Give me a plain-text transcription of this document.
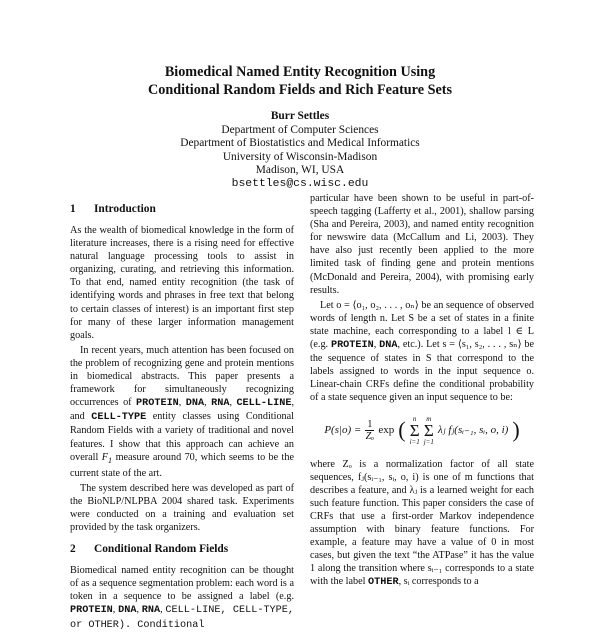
Biomedical Named Entity Recognition Using
Conditional Random Fields and Rich Feature Sets
Burr Settles
Department of Computer Sciences
Department of Biostatistics and Medical Informatics
University of Wisconsin-Madison
Madison, WI, USA
bsettles@cs.wisc.edu
1 Introduction

As the wealth of biomedical knowledge in the form of literature increases, there is a rising need for effective natural language processing tools to assist in organizing, curating, and retrieving this information. To that end, named entity recognition (the task of identifying words and phrases in free text that belong to certain classes of interest) is an important first step for many of these larger information management goals.

In recent years, much attention has been focused on the problem of recognizing gene and protein mentions in biomedical abstracts. This paper presents a framework for simultaneously recognizing occurrences of PROTEIN, DNA, RNA, CELL-LINE, and CELL-TYPE entity classes using Conditional Random Fields with a variety of traditional and novel features. I show that this approach can achieve an overall $F_1$ measure around 70, which seems to be the current state of the art.

The system described here was developed as part of the BioNLP/NLPBA 2004 shared task. Experiments were conducted on a training and evaluation set provided by the task organizers.

2 Conditional Random Fields

Biomedical named entity recognition can be thought of as a sequence segmentation problem: each word is a token in a sequence to be assigned a label (e.g. PROTEIN, DNA, RNA, CELL-LINE, CELL-TYPE, or OTHER). Conditional

particular have been shown to be useful in part-of-speech tagging (Lafferty et al., 2001), shallow parsing (Sha and Pereira, 2003), and named entity recognition for newswire data (McCallum and Li, 2003). They have also just recently been applied to the more limited task of finding gene and protein mentions (McDonald and Pereira, 2004), with promising early results.

Let o = ⟨o₁, o₂, . . . , oₙ⟩ be an sequence of observed words of length n. Let S be a set of states in a finite state machine, each corresponding to a label l ∈ L (e.g. PROTEIN, DNA, etc.). Let s = ⟨s₁, s₂, . . . , sₙ⟩ be the sequence of states in S that correspond to the labels assigned to words in the input sequence o. Linear-chain CRFs define the conditional probability of a state sequence given an input sequence to be:

$P(s|o) = \frac{1}{\text{Zₒ}}$ exp ( n
Σ
i=1
m
Σ
j=1
λⱼ fⱼ(sᵢ₋₁, sᵢ, o, i) )

where Zₒ is a normalization factor of all state sequences, fⱼ(sᵢ₋₁, sᵢ, o, i) is one of m functions that describes a feature, and λⱼ is a learned weight for each such feature function. This paper considers the case of CRFs that use a first-order Markov independence assumption with binary feature functions. For example, a feature may have a value of 0 in most cases, but given the text “the ATPase” it has the value 1 along the transition where sᵢ₋₁ corresponds to a state with the label OTHER, sᵢ corresponds to a
